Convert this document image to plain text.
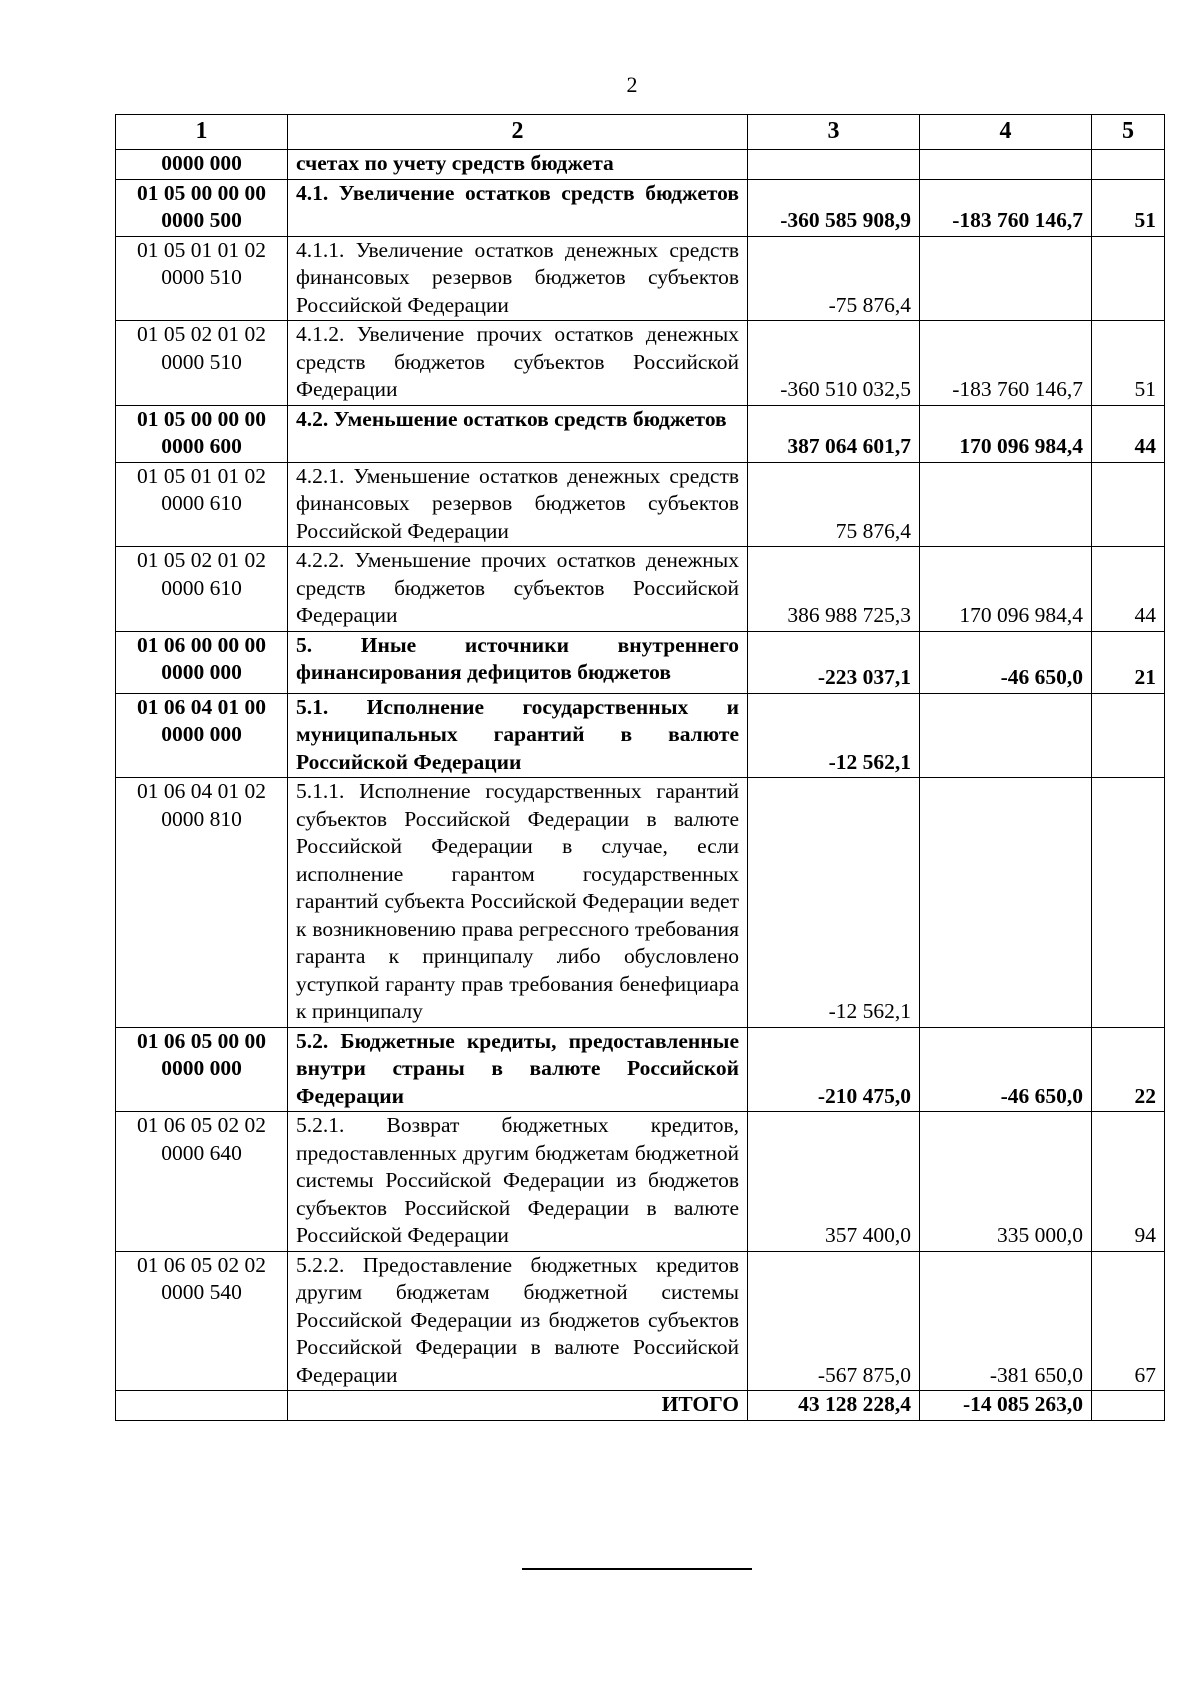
2
1	2	3	4	5
0000 000	счетах по учету средств бюджета			
01 05 00 00 00 0000 500	4.1. Увеличение остатков средств бюджетов	-360 585 908,9	-183 760 146,7	51
01 05 01 01 02 0000 510	4.1.1. Увеличение остатков денежных средств финансовых резервов бюджетов субъектов Российской Федерации	-75 876,4		
01 05 02 01 02 0000 510	4.1.2. Увеличение прочих остатков денежных средств бюджетов субъектов Российской Федерации	-360 510 032,5	-183 760 146,7	51
01 05 00 00 00 0000 600	4.2. Уменьшение остатков средств бюджетов	387 064 601,7	170 096 984,4	44
01 05 01 01 02 0000 610	4.2.1. Уменьшение остатков денежных средств финансовых резервов бюджетов субъектов Российской Федерации	75 876,4		
01 05 02 01 02 0000 610	4.2.2. Уменьшение прочих остатков денежных средств бюджетов субъектов Российской Федерации	386 988 725,3	170 096 984,4	44
01 06 00 00 00 0000 000	5. Иные источники внутреннего финансирования дефицитов бюджетов	-223 037,1	-46 650,0	21
01 06 04 01 00 0000 000	5.1. Исполнение государственных и муниципальных гарантий в валюте Российской Федерации	-12 562,1		
01 06 04 01 02 0000 810	5.1.1. Исполнение государственных гарантий субъектов Российской Федерации в валюте Российской Федерации в случае, если исполнение гарантом государственных гарантий субъекта Российской Федерации ведет к возникновению права регрессного требования гаранта к принципалу либо обусловлено уступкой гаранту прав требования бенефициара к принципалу	-12 562,1		
01 06 05 00 00 0000 000	5.2. Бюджетные кредиты, предоставленные внутри страны в валюте Российской Федерации	-210 475,0	-46 650,0	22
01 06 05 02 02 0000 640	5.2.1. Возврат бюджетных кредитов, предоставленных другим бюджетам бюджетной системы Российской Федерации из бюджетов субъектов Российской Федерации в валюте Российской Федерации	357 400,0	335 000,0	94
01 06 05 02 02 0000 540	5.2.2. Предоставление бюджетных кредитов другим бюджетам бюджетной системы Российской Федерации из бюджетов субъектов Российской Федерации в валюте Российской Федерации	-567 875,0	-381 650,0	67
	ИТОГО	43 128 228,4	-14 085 263,0	
